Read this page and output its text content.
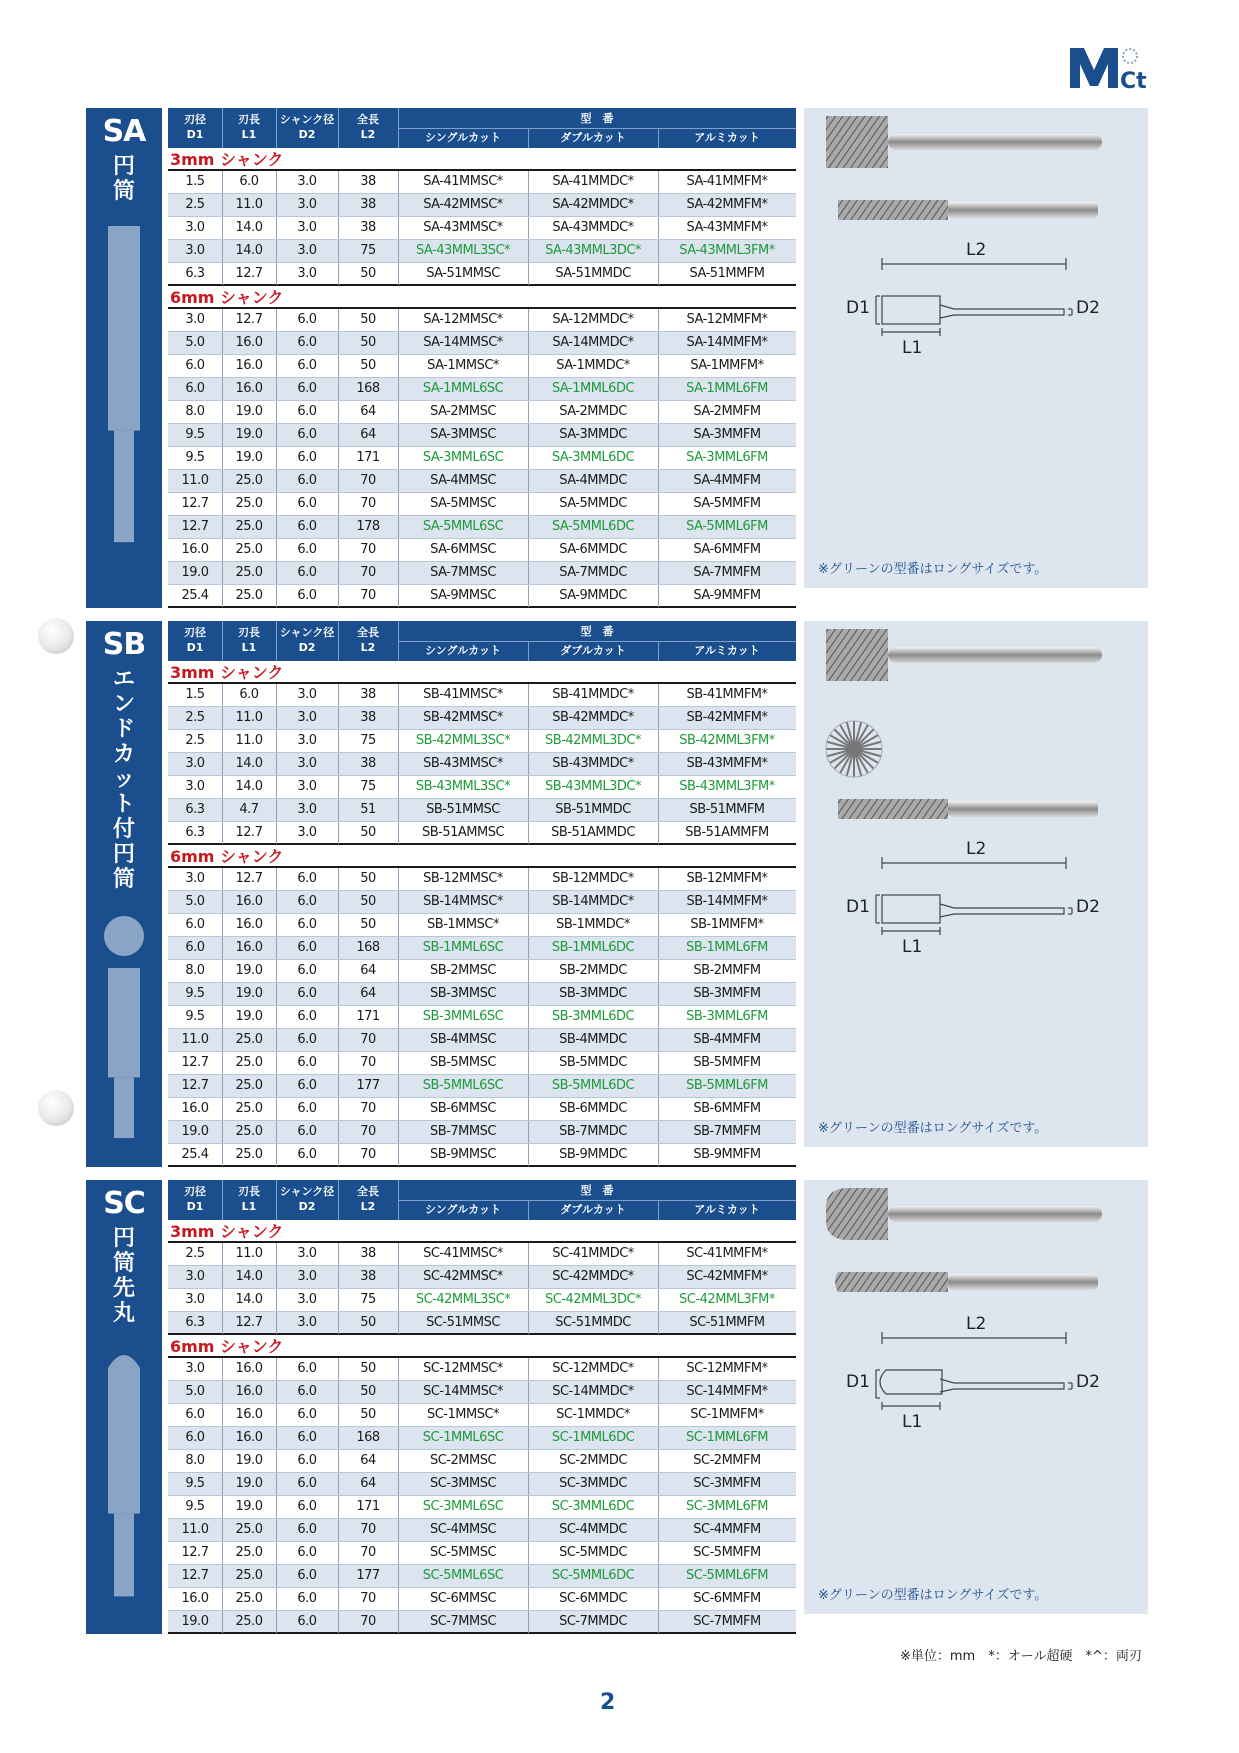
Ct
SA
円
筒
刃径
D1
刃長
L1
シャンク径
D2
全長
L2
型　番
シングルカット	ダブルカット	アルミカット
3mm シャンク
1.5	6.0	3.0	38	SA-41MMSC*	SA-41MMDC*	SA-41MMFM*
2.5	11.0	3.0	38	SA-42MMSC*	SA-42MMDC*	SA-42MMFM*
3.0	14.0	3.0	38	SA-43MMSC*	SA-43MMDC*	SA-43MMFM*
3.0	14.0	3.0	75	SA-43MML3SC*	SA-43MML3DC*	SA-43MML3FM*
6.3	12.7	3.0	50	SA-51MMSC	SA-51MMDC	SA-51MMFM
6mm シャンク
3.0	12.7	6.0	50	SA-12MMSC*	SA-12MMDC*	SA-12MMFM*
5.0	16.0	6.0	50	SA-14MMSC*	SA-14MMDC*	SA-14MMFM*
6.0	16.0	6.0	50	SA-1MMSC*	SA-1MMDC*	SA-1MMFM*
6.0	16.0	6.0	168	SA-1MML6SC	SA-1MML6DC	SA-1MML6FM
8.0	19.0	6.0	64	SA-2MMSC	SA-2MMDC	SA-2MMFM
9.5	19.0	6.0	64	SA-3MMSC	SA-3MMDC	SA-3MMFM
9.5	19.0	6.0	171	SA-3MML6SC	SA-3MML6DC	SA-3MML6FM
11.0	25.0	6.0	70	SA-4MMSC	SA-4MMDC	SA-4MMFM
12.7	25.0	6.0	70	SA-5MMSC	SA-5MMDC	SA-5MMFM
12.7	25.0	6.0	178	SA-5MML6SC	SA-5MML6DC	SA-5MML6FM
16.0	25.0	6.0	70	SA-6MMSC	SA-6MMDC	SA-6MMFM
19.0	25.0	6.0	70	SA-7MMSC	SA-7MMDC	SA-7MMFM
25.4	25.0	6.0	70	SA-9MMSC	SA-9MMDC	SA-9MMFM
D1	D2
L2
L1
※グリーンの型番はロングサイズです。
SB
エ
ン
ド
カ
ッ
ト
付
円
筒
刃径
D1
刃長
L1
シャンク径
D2
全長
L2
型　番
シングルカット	ダブルカット	アルミカット
3mm シャンク
1.5	6.0	3.0	38	SB-41MMSC*	SB-41MMDC*	SB-41MMFM*
2.5	11.0	3.0	38	SB-42MMSC*	SB-42MMDC*	SB-42MMFM*
2.5	11.0	3.0	75	SB-42MML3SC*	SB-42MML3DC*	SB-42MML3FM*
3.0	14.0	3.0	38	SB-43MMSC*	SB-43MMDC*	SB-43MMFM*
3.0	14.0	3.0	75	SB-43MML3SC*	SB-43MML3DC*	SB-43MML3FM*
6.3	4.7	3.0	51	SB-51MMSC	SB-51MMDC	SB-51MMFM
6.3	12.7	3.0	50	SB-51AMMSC	SB-51AMMDC	SB-51AMMFM
6mm シャンク
3.0	12.7	6.0	50	SB-12MMSC*	SB-12MMDC*	SB-12MMFM*
5.0	16.0	6.0	50	SB-14MMSC*	SB-14MMDC*	SB-14MMFM*
6.0	16.0	6.0	50	SB-1MMSC*	SB-1MMDC*	SB-1MMFM*
6.0	16.0	6.0	168	SB-1MML6SC	SB-1MML6DC	SB-1MML6FM
8.0	19.0	6.0	64	SB-2MMSC	SB-2MMDC	SB-2MMFM
9.5	19.0	6.0	64	SB-3MMSC	SB-3MMDC	SB-3MMFM
9.5	19.0	6.0	171	SB-3MML6SC	SB-3MML6DC	SB-3MML6FM
11.0	25.0	6.0	70	SB-4MMSC	SB-4MMDC	SB-4MMFM
12.7	25.0	6.0	70	SB-5MMSC	SB-5MMDC	SB-5MMFM
12.7	25.0	6.0	177	SB-5MML6SC	SB-5MML6DC	SB-5MML6FM
16.0	25.0	6.0	70	SB-6MMSC	SB-6MMDC	SB-6MMFM
19.0	25.0	6.0	70	SB-7MMSC	SB-7MMDC	SB-7MMFM
25.4	25.0	6.0	70	SB-9MMSC	SB-9MMDC	SB-9MMFM
D1	D2
L2
L1
※グリーンの型番はロングサイズです。
SC
円
筒
先
丸
刃径
D1
刃長
L1
シャンク径
D2
全長
L2
型　番
シングルカット	ダブルカット	アルミカット
3mm シャンク
2.5	11.0	3.0	38	SC-41MMSC*	SC-41MMDC*	SC-41MMFM*
3.0	14.0	3.0	38	SC-42MMSC*	SC-42MMDC*	SC-42MMFM*
3.0	14.0	3.0	75	SC-42MML3SC*	SC-42MML3DC*	SC-42MML3FM*
6.3	12.7	3.0	50	SC-51MMSC	SC-51MMDC	SC-51MMFM
6mm シャンク
3.0	16.0	6.0	50	SC-12MMSC*	SC-12MMDC*	SC-12MMFM*
5.0	16.0	6.0	50	SC-14MMSC*	SC-14MMDC*	SC-14MMFM*
6.0	16.0	6.0	50	SC-1MMSC*	SC-1MMDC*	SC-1MMFM*
6.0	16.0	6.0	168	SC-1MML6SC	SC-1MML6DC	SC-1MML6FM
8.0	19.0	6.0	64	SC-2MMSC	SC-2MMDC	SC-2MMFM
9.5	19.0	6.0	64	SC-3MMSC	SC-3MMDC	SC-3MMFM
9.5	19.0	6.0	171	SC-3MML6SC	SC-3MML6DC	SC-3MML6FM
11.0	25.0	6.0	70	SC-4MMSC	SC-4MMDC	SC-4MMFM
12.7	25.0	6.0	70	SC-5MMSC	SC-5MMDC	SC-5MMFM
12.7	25.0	6.0	177	SC-5MML6SC	SC-5MML6DC	SC-5MML6FM
16.0	25.0	6.0	70	SC-6MMSC	SC-6MMDC	SC-6MMFM
19.0	25.0	6.0	70	SC-7MMSC	SC-7MMDC	SC-7MMFM
D1	D2
L2
L1
※グリーンの型番はロングサイズです。
※単位：mm　*：オール超硬　*^：両刃
2
